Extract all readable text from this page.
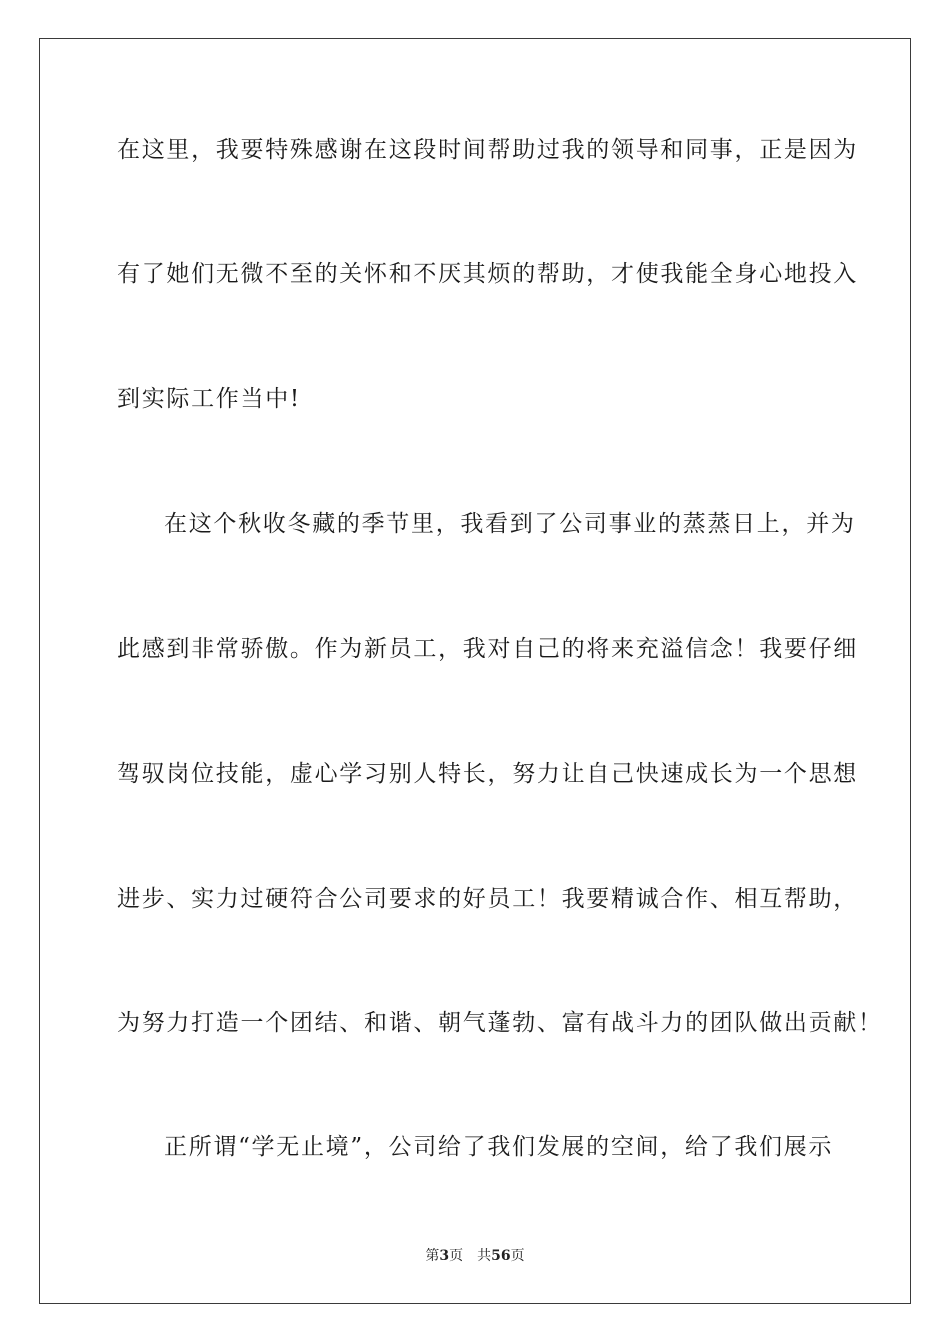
在这里，我要特殊感谢在这段时间帮助过我的领导和同事，正是因为

有了她们无微不至的关怀和不厌其烦的帮助，才使我能全身心地投入

到实际工作当中!

在这个秋收冬藏的季节里，我看到了公司事业的蒸蒸日上，并为

此感到非常骄傲。作为新员工，我对自己的将来充溢信念！我要仔细

驾驭岗位技能，虚心学习别人特长，努力让自己快速成长为一个思想

进步、实力过硬符合公司要求的好员工！我要精诚合作、相互帮助，

为努力打造一个团结、和谐、朝气蓬勃、富有战斗力的团队做出贡献！

正所谓“学无止境”，公司给了我们发展的空间，给了我们展示

第3页 共56页
